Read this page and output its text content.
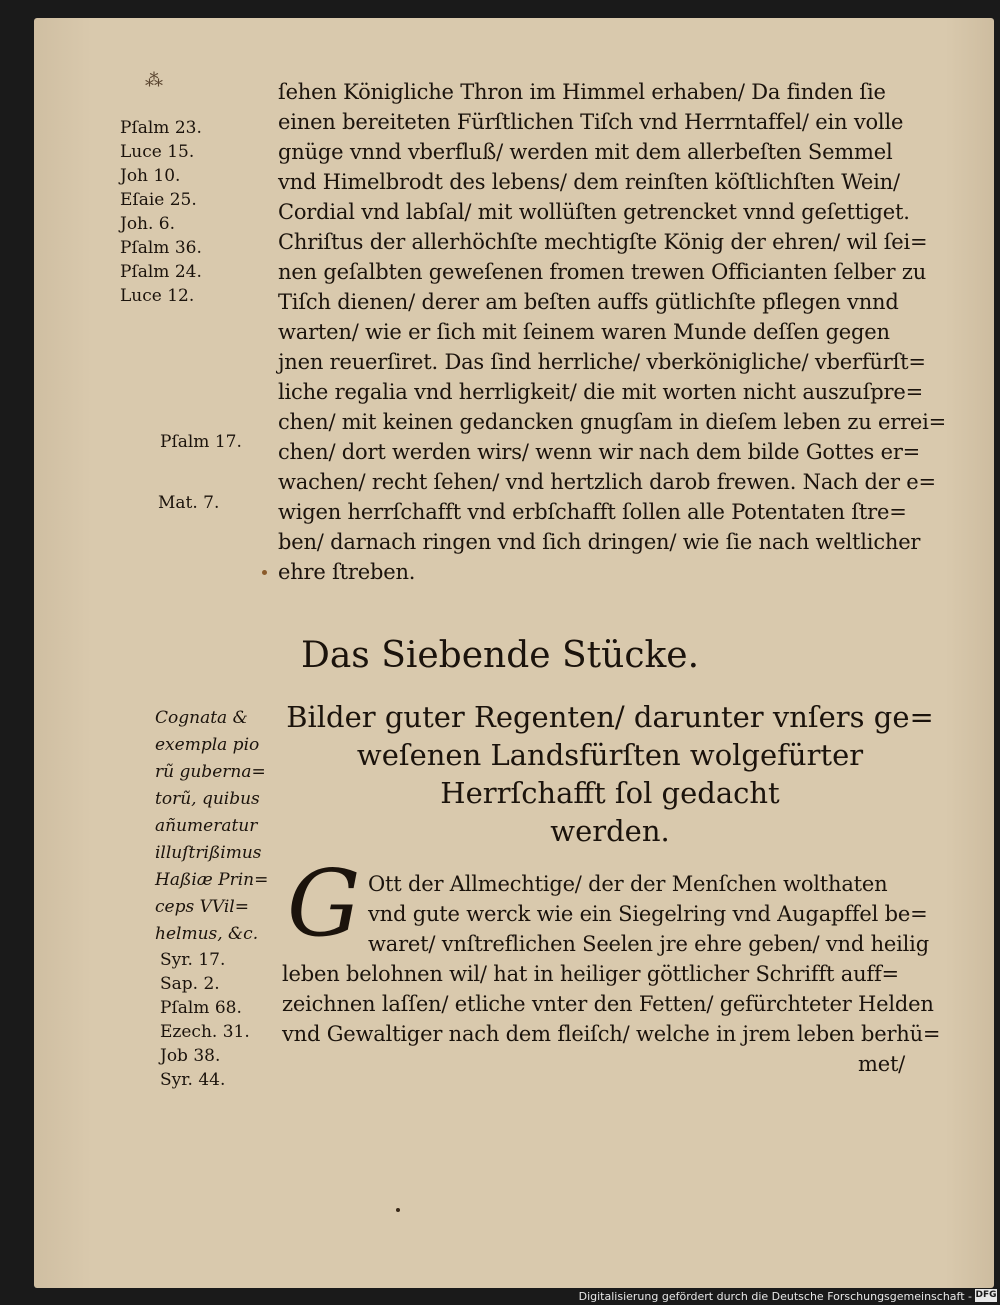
⁂
Pſalm 23.
Luce 15.
Joh 10.
Eſaie 25.
Joh. 6.
Pſalm 36.
Pſalm 24.
Luce 12.
Pſalm 17.
Mat. 7.
ſehen Königliche Thron im Himmel erhaben/ Da finden ſie
einen bereiteten Fürſtlichen Tiſch vnd Herrntaffel/ ein volle
gnüge vnnd vberfluß/ werden mit dem allerbeſten Semmel
vnd Himelbrodt des lebens/ dem reinſten köſtlichſten Wein/
Cordial vnd labſal/ mit wollüſten getrencket vnnd geſettiget.
Chriſtus der allerhöchſte mechtigſte König der ehren/ wil ſei=
nen geſalbten geweſenen fromen trewen Officianten ſelber zu
Tiſch dienen/ derer am beſten auffs gütlichſte pflegen vnnd
warten/ wie er ſich mit ſeinem waren Munde deſſen gegen
jnen reuerſiret. Das ſind herrliche/ vberkönigliche/ vberfürſt=
liche regalia vnd herrligkeit/ die mit worten nicht auszuſpre=
chen/ mit keinen gedancken gnugſam in dieſem leben zu errei=
chen/ dort werden wirs/ wenn wir nach dem bilde Gottes er=
wachen/ recht ſehen/ vnd hertzlich darob frewen. Nach der e=
wigen herrſchafft vnd erbſchafft ſollen alle Potentaten ſtre=
ben/ darnach ringen vnd ſich dringen/ wie ſie nach weltlicher
ehre ſtreben.
Das Siebende Stücke.
Bilder guter Regenten/ darunter vnſers ge=
weſenen Landsfürſten wolgefürter
Herrſchafft ſol gedacht
werden.
Cognata &
exempla pio
rũ guberna=
torũ, quibus
añumeratur
illuſtrißimus
Haßiæ Prin=
ceps VVil=
helmus, &c.
Syr. 17.
Sap. 2.
Pſalm 68.
Ezech. 31.
Job 38.
Syr. 44.
G Ott der Allmechtige/ der der Menſchen wolthaten
vnd gute werck wie ein Siegelring vnd Augapffel be=
waret/ vnſtreflichen Seelen jre ehre geben/ vnd heilig
leben belohnen wil/ hat in heiliger göttlicher Schrifft auff=
zeichnen laſſen/ etliche vnter den Fetten/ gefürchteter Helden
vnd Gewaltiger nach dem fleiſch/ welche in jrem leben berhü=
met/
Digitalisierung gefördert durch die Deutsche Forschungsgemeinschaft - DFG
